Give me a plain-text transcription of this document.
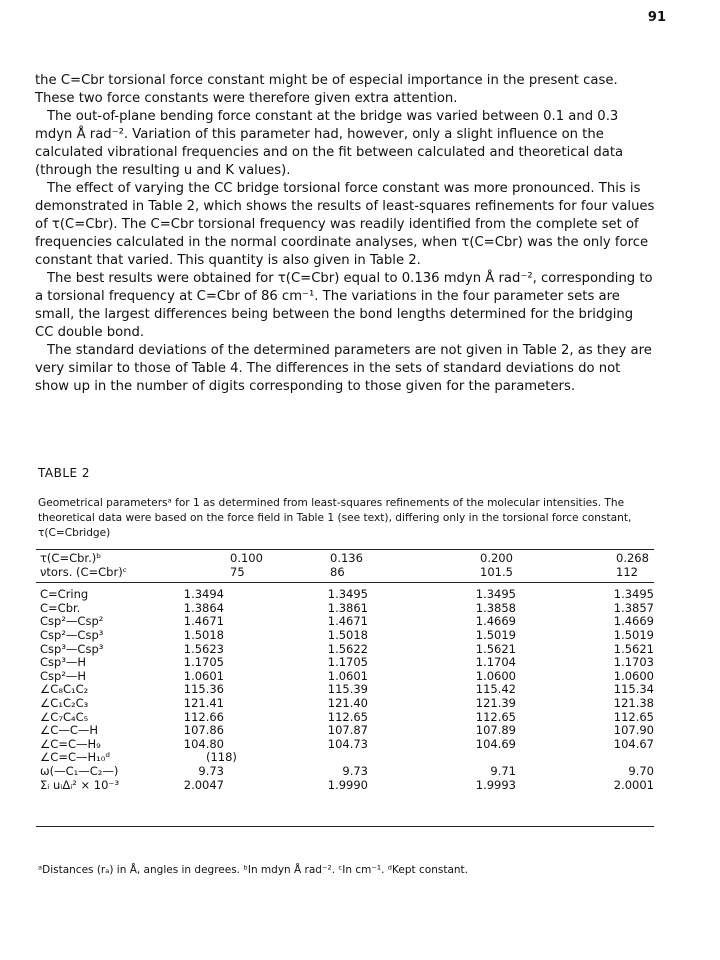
91

the C=Cbr torsional force constant might be of especial importance in the present case. These two force constants were therefore given extra attention.

The out-of-plane bending force constant at the bridge was varied between 0.1 and 0.3 mdyn Å rad⁻². Variation of this parameter had, however, only a slight influence on the calculated vibrational frequencies and on the fit between calculated and theoretical data (through the resulting u and K values).

The effect of varying the CC bridge torsional force constant was more pronounced. This is demonstrated in Table 2, which shows the results of least-squares refinements for four values of τ(C=Cbr). The C=Cbr torsional frequency was readily identified from the complete set of frequencies calculated in the normal coordinate analyses, when τ(C=Cbr) was the only force constant that varied. This quantity is also given in Table 2.

The best results were obtained for τ(C=Cbr) equal to 0.136 mdyn Å rad⁻², corresponding to a torsional frequency at C=Cbr of 86 cm⁻¹. The variations in the four parameter sets are small, the largest differences being between the bond lengths determined for the bridging CC double bond.

The standard deviations of the determined parameters are not given in Table 2, as they are very similar to those of Table 4. The differences in the sets of standard deviations do not show up in the number of digits corresponding to those given for the parameters.

TABLE 2
Geometrical parametersᵃ for 1 as determined from least-squares refinements of the molecular intensities. The theoretical data were based on the force field in Table 1 (see text), differing only in the torsional force constant, τ(C=Cbridge)
τ(C=Cbr.)ᵇ	0.100	0.136	0.200	0.268
νtors. (C=Cbr)ᶜ	75	86	101.5	112
C=Cring	1.3494	1.3495	1.3495	1.3495
C=Cbr.	1.3864	1.3861	1.3858	1.3857
Csp²—Csp²	1.4671	1.4671	1.4669	1.4669
Csp²—Csp³	1.5018	1.5018	1.5019	1.5019
Csp³—Csp³	1.5623	1.5622	1.5621	1.5621
Csp³—H	1.1705	1.1705	1.1704	1.1703
Csp²—H	1.0601	1.0601	1.0600	1.0600
∠C₈C₁C₂	115.36	115.39	115.42	115.34
∠C₁C₂C₃	121.41	121.40	121.39	121.38
∠C₇C₄C₅	112.66	112.65	112.65	112.65
∠C—C—H	107.86	107.87	107.89	107.90
∠C=C—H₉	104.80	104.73	104.69	104.67
∠C=C—H₁₀ᵈ	(118)
ω(—C₁—C₂—)	9.73	9.73	9.71	9.70
Σᵢ uᵢΔᵢ² × 10⁻³	2.0047	1.9990	1.9993	2.0001
ᵃDistances (rₐ) in Å, angles in degrees. ᵇIn mdyn Å rad⁻². ᶜIn cm⁻¹. ᵈKept constant.
